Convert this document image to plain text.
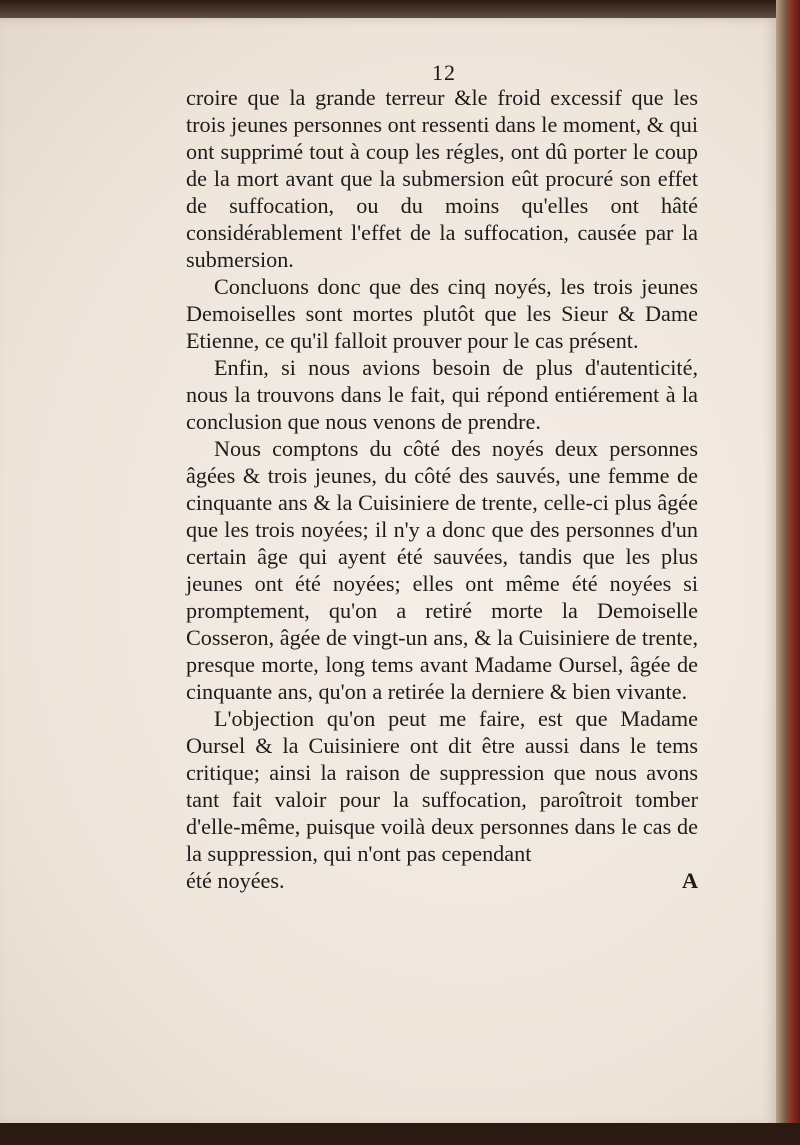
12

croire que la grande terreur &le froid excessif que les trois jeunes personnes ont ressenti dans le moment, & qui ont supprimé tout à coup les régles, ont dû porter le coup de la mort avant que la submersion eût procuré son effet de suffocation, ou du moins qu'elles ont hâté considérablement l'effet de la suffocation, causée par la submersion.

Concluons donc que des cinq noyés, les trois jeunes Demoiselles sont mortes plutôt que les Sieur & Dame Etienne, ce qu'il falloit prouver pour le cas présent.

Enfin, si nous avions besoin de plus d'autenticité, nous la trouvons dans le fait, qui répond entiérement à la conclusion que nous venons de prendre.

Nous comptons du côté des noyés deux personnes âgées & trois jeunes, du côté des sauvés, une femme de cinquante ans & la Cuisiniere de trente, celle-ci plus âgée que les trois noyées; il n'y a donc que des personnes d'un certain âge qui ayent été sauvées, tandis que les plus jeunes ont été noyées; elles ont même été noyées si promptement, qu'on a retiré morte la Demoiselle Cosseron, âgée de vingt-un ans, & la Cuisiniere de trente, presque morte, long tems avant Madame Oursel, âgée de cinquante ans, qu'on a retirée la derniere & bien vivante.

L'objection qu'on peut me faire, est que Madame Oursel & la Cuisiniere ont dit être aussi dans le tems critique; ainsi la raison de suppression que nous avons tant fait valoir pour la suffocation, paroîtroit tomber d'elle-même, puisque voilà deux personnes dans le cas de la suppression, qui n'ont pas cependant

été noyées.	A
